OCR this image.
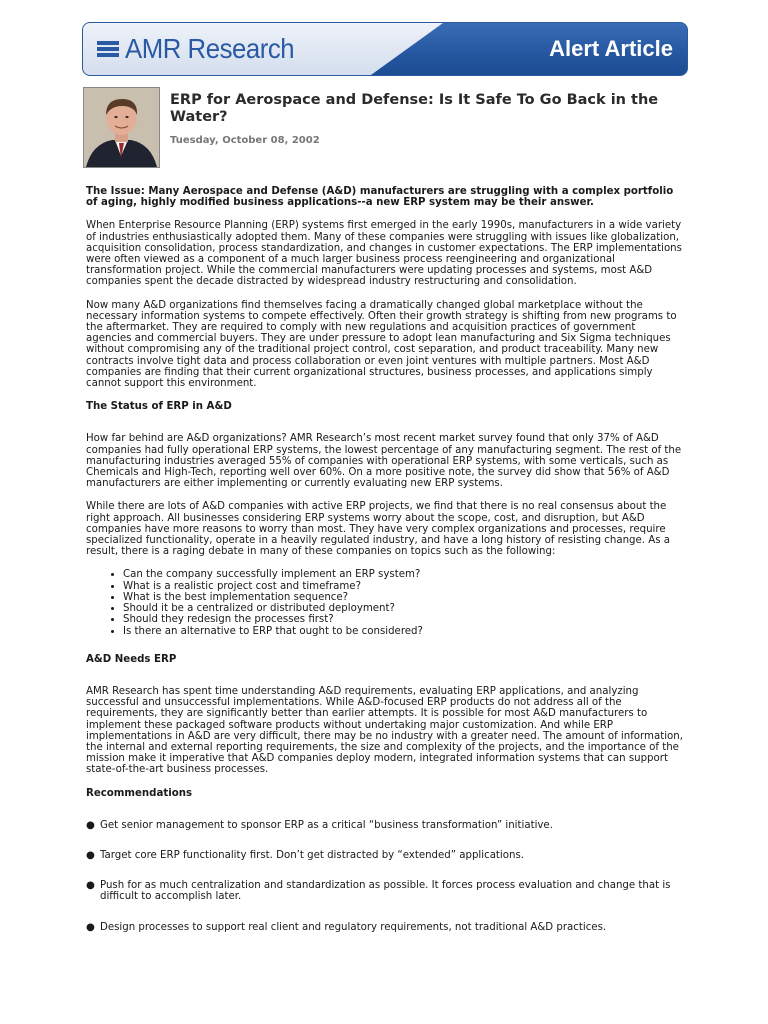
AMR Research	Alert Article
ERP for Aerospace and Defense: Is It Safe To Go Back in the Water?
Tuesday, October 08, 2002

The Issue: Many Aerospace and Defense (A&D) manufacturers are struggling with a complex portfolio of aging, highly modified business applications--a new ERP system may be their answer.

When Enterprise Resource Planning (ERP) systems first emerged in the early 1990s, manufacturers in a wide variety of industries enthusiastically adopted them. Many of these companies were struggling with issues like globalization, acquisition consolidation, process standardization, and changes in customer expectations. The ERP implementations were often viewed as a component of a much larger business process reengineering and organizational transformation project. While the commercial manufacturers were updating processes and systems, most A&D companies spent the decade distracted by widespread industry restructuring and consolidation.

Now many A&D organizations find themselves facing a dramatically changed global marketplace without the necessary information systems to compete effectively. Often their growth strategy is shifting from new programs to the aftermarket. They are required to comply with new regulations and acquisition practices of government agencies and commercial buyers. They are under pressure to adopt lean manufacturing and Six Sigma techniques without compromising any of the traditional project control, cost separation, and product traceability. Many new contracts involve tight data and process collaboration or even joint ventures with multiple partners. Most A&D companies are finding that their current organizational structures, business processes, and applications simply cannot support this environment.

The Status of ERP in A&D

How far behind are A&D organizations? AMR Research’s most recent market survey found that only 37% of A&D companies had fully operational ERP systems, the lowest percentage of any manufacturing segment. The rest of the manufacturing industries averaged 55% of companies with operational ERP systems, with some verticals, such as Chemicals and High-Tech, reporting well over 60%. On a more positive note, the survey did show that 56% of A&D manufacturers are either implementing or currently evaluating new ERP systems.

While there are lots of A&D companies with active ERP projects, we find that there is no real consensus about the right approach. All businesses considering ERP systems worry about the scope, cost, and disruption, but A&D companies have more reasons to worry than most. They have very complex organizations and processes, require specialized functionality, operate in a heavily regulated industry, and have a long history of resisting change. As a result, there is a raging debate in many of these companies on topics such as the following:

• Can the company successfully implement an ERP system?
• What is a realistic project cost and timeframe?
• What is the best implementation sequence?
• Should it be a centralized or distributed deployment?
• Should they redesign the processes first?
• Is there an alternative to ERP that ought to be considered?
A&D Needs ERP

AMR Research has spent time understanding A&D requirements, evaluating ERP applications, and analyzing successful and unsuccessful implementations. While A&D-focused ERP products do not address all of the requirements, they are significantly better than earlier attempts. It is possible for most A&D manufacturers to implement these packaged software products without undertaking major customization. And while ERP implementations in A&D are very difficult, there may be no industry with a greater need. The amount of information, the internal and external reporting requirements, the size and complexity of the projects, and the importance of the mission make it imperative that A&D companies deploy modern, integrated information systems that can support state-of-the-art business processes.

Recommendations
● Get senior management to sponsor ERP as a critical “business transformation” initiative.
● Target core ERP functionality first. Don’t get distracted by “extended” applications.
● Push for as much centralization and standardization as possible. It forces process evaluation and change that is difficult to accomplish later.
● Design processes to support real client and regulatory requirements, not traditional A&D practices.
